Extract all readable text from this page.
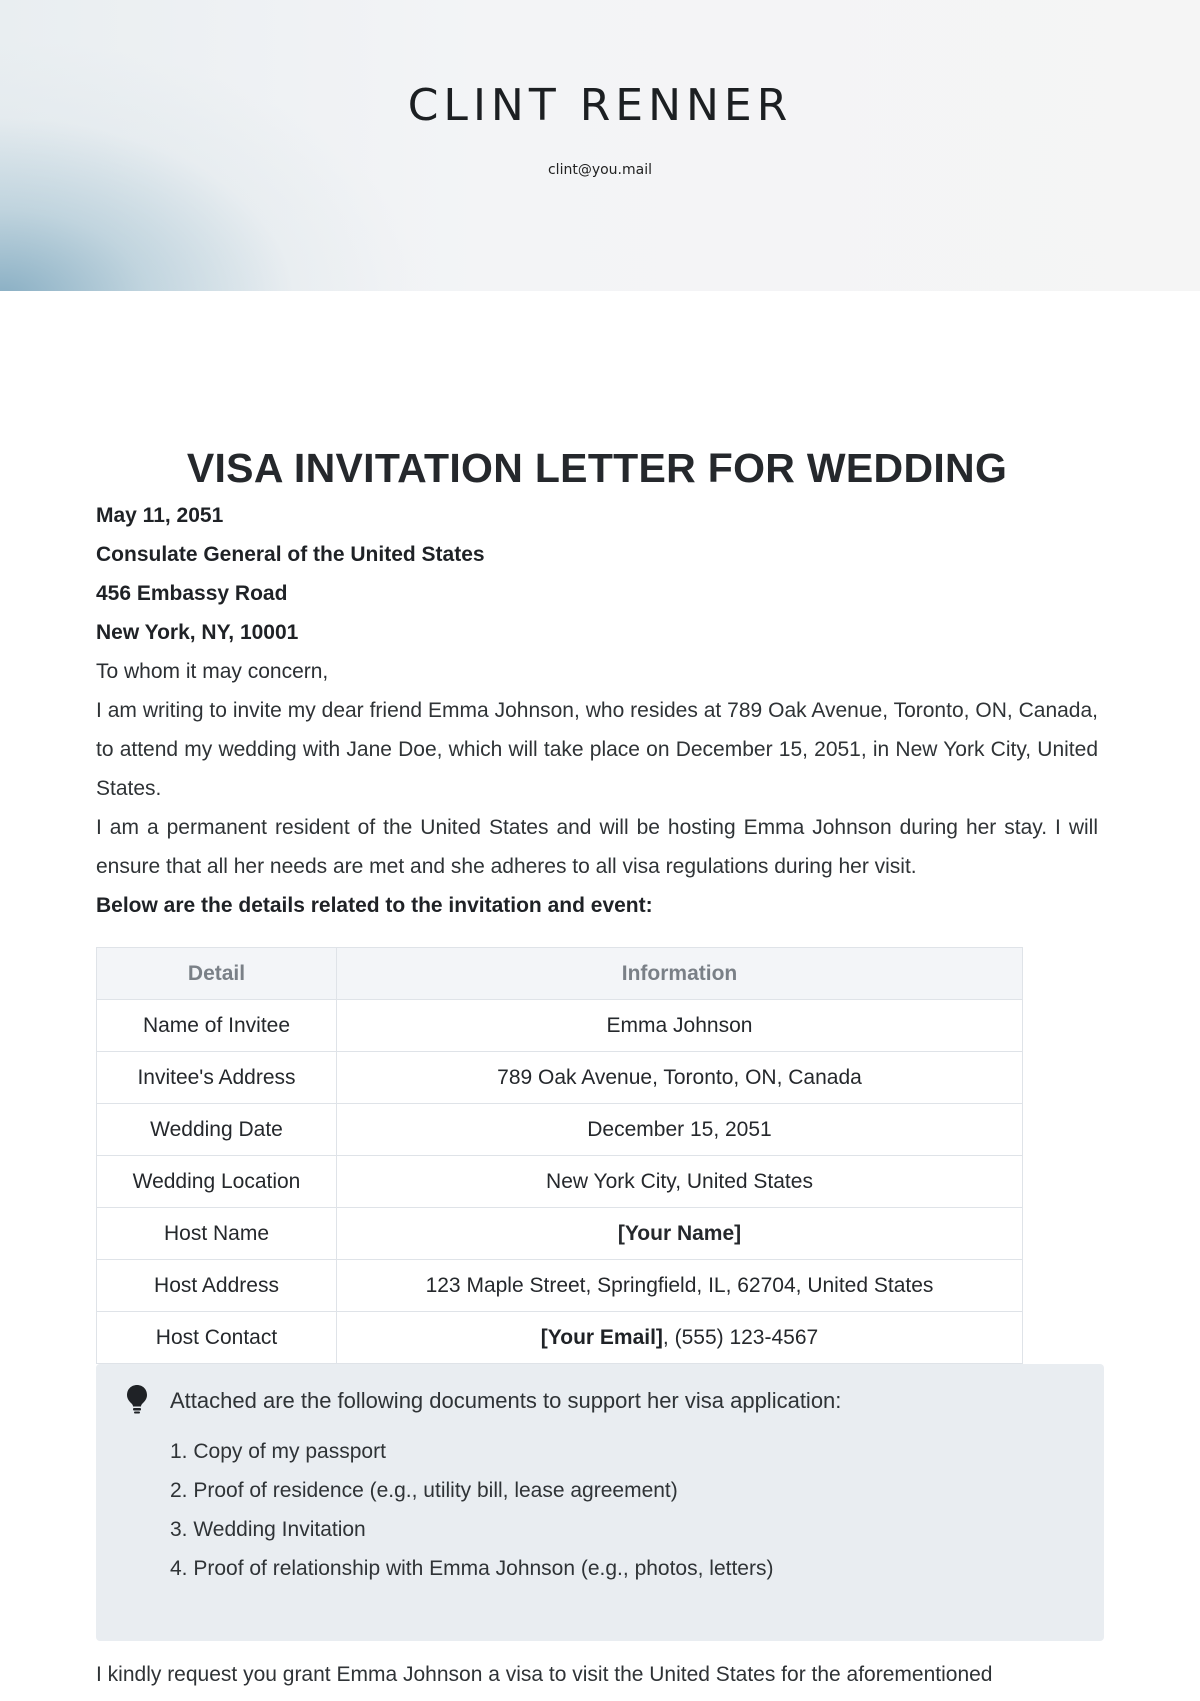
CLINT RENNER
clint@you.mail
VISA INVITATION LETTER FOR WEDDING
May 11, 2051
Consulate General of the United States
456 Embassy Road
New York, NY, 10001
To whom it may concern,
I am writing to invite my dear friend Emma Johnson, who resides at 789 Oak Avenue, Toronto, ON, Canada, to attend my wedding with Jane Doe, which will take place on December 15, 2051, in New York City, United States.
I am a permanent resident of the United States and will be hosting Emma Johnson during her stay. I will ensure that all her needs are met and she adheres to all visa regulations during her visit.
Below are the details related to the invitation and event:
Detail	Information
Name of Invitee	Emma Johnson
Invitee's Address	789 Oak Avenue, Toronto, ON, Canada
Wedding Date	December 15, 2051
Wedding Location	New York City, United States
Host Name	[Your Name]
Host Address	123 Maple Street, Springfield, IL, 62704, United States
Host Contact	[Your Email], (555) 123-4567
Attached are the following documents to support her visa application:
1. Copy of my passport
2. Proof of residence (e.g., utility bill, lease agreement)
3. Wedding Invitation
4. Proof of relationship with Emma Johnson (e.g., photos, letters)
I kindly request you grant Emma Johnson a visa to visit the United States for the aforementioned
